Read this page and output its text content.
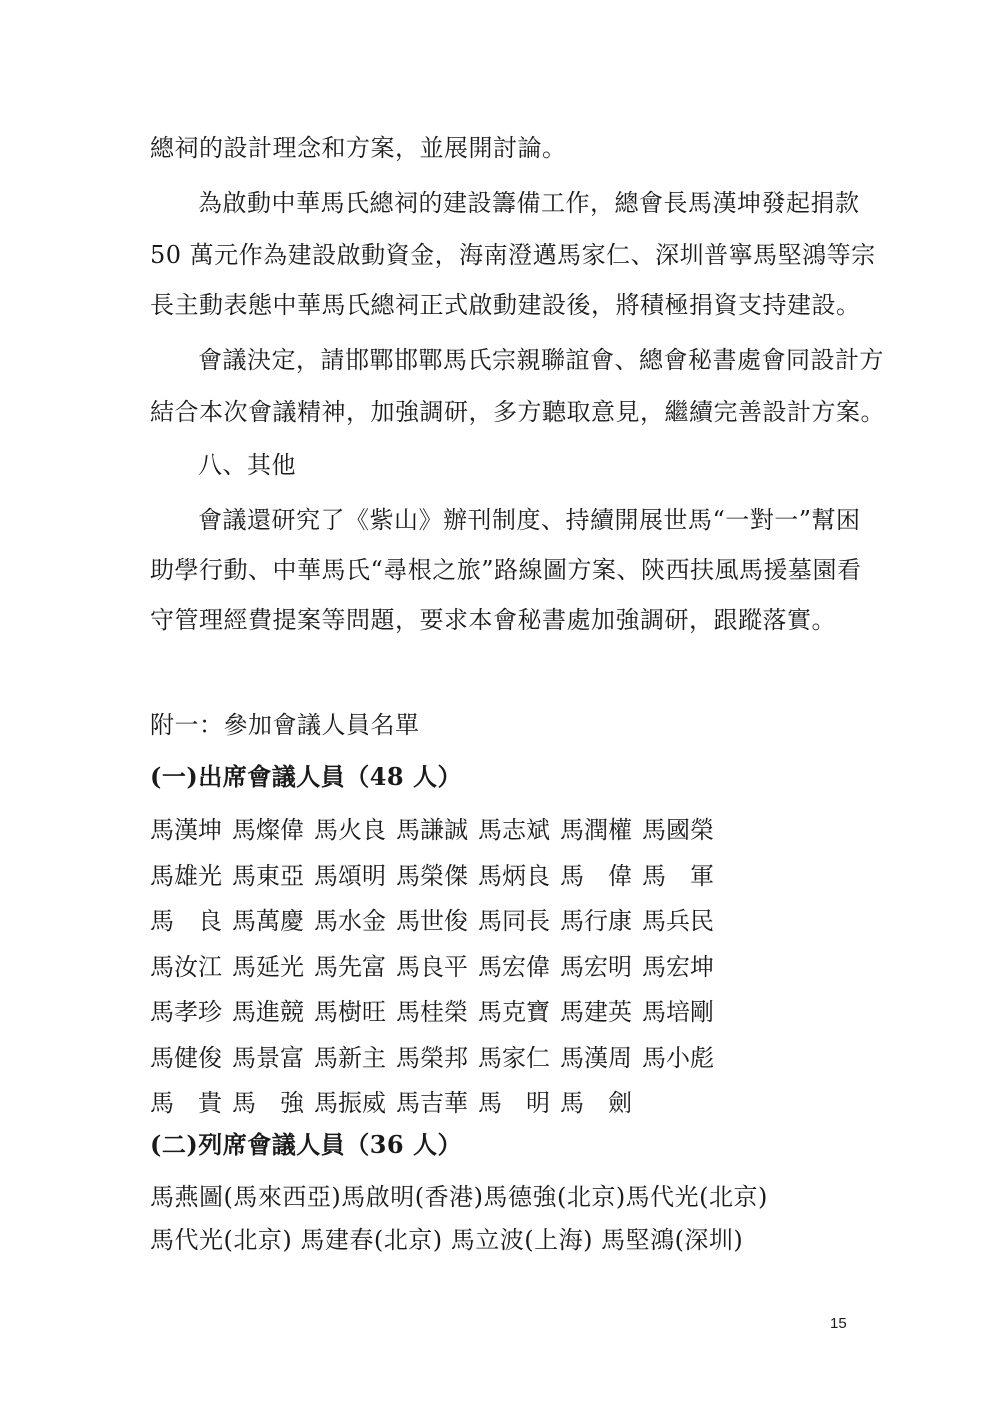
總祠的設計理念和方案，並展開討論。
為啟動中華馬氏總祠的建設籌備工作，總會長馬漢坤發起捐款
50 萬元作為建設啟動資金，海南澄邁馬家仁、深圳普寧馬堅鴻等宗
長主動表態中華馬氏總祠正式啟動建設後，將積極捐資支持建設。
會議決定，請邯鄲邯鄲馬氏宗親聯誼會、總會秘書處會同設計方
結合本次會議精神，加強調研，多方聽取意見，繼續完善設計方案。
八、其他
會議還研究了《紫山》辦刊制度、持續開展世馬“一對一”幫困
助學行動、中華馬氏“尋根之旅”路線圖方案、陝西扶風馬援墓園看
守管理經費提案等問題，要求本會秘書處加強調研，跟蹤落實。
附一：參加會議人員名單
(一)出席會議人員（48 人）
馬漢坤 馬燦偉 馬火良 馬謙誠 馬志斌 馬潤權 馬國榮
馬雄光 馬東亞 馬頌明 馬榮傑 馬炳良 馬　偉 馬　軍
馬　良 馬萬慶 馬水金 馬世俊 馬同長 馬行康 馬兵民
馬汝江 馬延光 馬先富 馬良平 馬宏偉 馬宏明 馬宏坤
馬孝珍 馬進競 馬樹旺 馬桂榮 馬克寶 馬建英 馬培剛
馬健俊 馬景富 馬新主 馬榮邦 馬家仁 馬漢周 馬小彪
馬　貴 馬　強 馬振威 馬吉華 馬　明 馬　劍
(二)列席會議人員（36 人）
馬燕圖(馬來西亞)馬啟明(香港)馬德強(北京)馬代光(北京)
馬代光(北京) 馬建春(北京) 馬立波(上海) 馬堅鴻(深圳)
15
